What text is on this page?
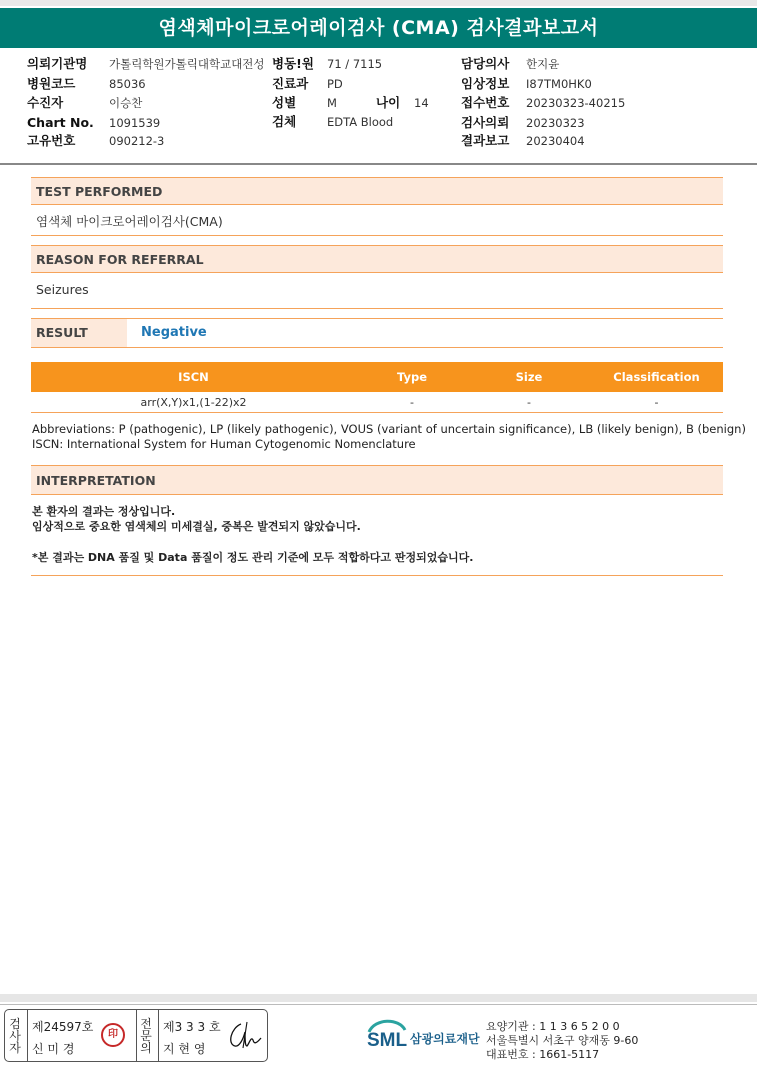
염색체마이크로어레이검사 (CMA) 검사결과보고서
의뢰기관명 가톨릭학원가톨릭대학교대전성
병원코드	85036
수진자	이승찬
Chart No. 1091539
고유번호	090212-3
병동!원 71 / 7115
진료과 PD
성별	M	나이 14
검체	EDTA Blood
담당의사 한지윤
임상정보 I87TM0HK0
접수번호 20230323-40215
검사의뢰 20230323
결과보고 20230404
TEST PERFORMED
염색체 마이크로어레이검사(CMA)
REASON FOR REFERRAL
Seizures
RESULT	Negative
ISCN	Type	Size	Classification
arr(X,Y)x1,(1-22)x2	-	-	-
Abbreviations: P (pathogenic), LP (likely pathogenic), VOUS (variant of uncertain significance), LB (likely benign), B (benign)
ISCN: International System for Human Cytogenomic Nomenclature
INTERPRETATION
본 환자의 결과는 정상입니다.
임상적으로 중요한 염색체의 미세결실, 중복은 발견되지 않았습니다.
*본 결과는 DNA 품질 및 Data 품질이 정도 관리 기준에 모두 적합하다고 판정되었습니다.
검사자
제24597호
신 미 경
印
전문의
제3 3 3 호
지 현 영	SML 삼광의료재단
요양기관 : 1 1 3 6 5 2 0 0
서울특별시 서초구 양재동 9-60
대표번호 : 1661-5117
